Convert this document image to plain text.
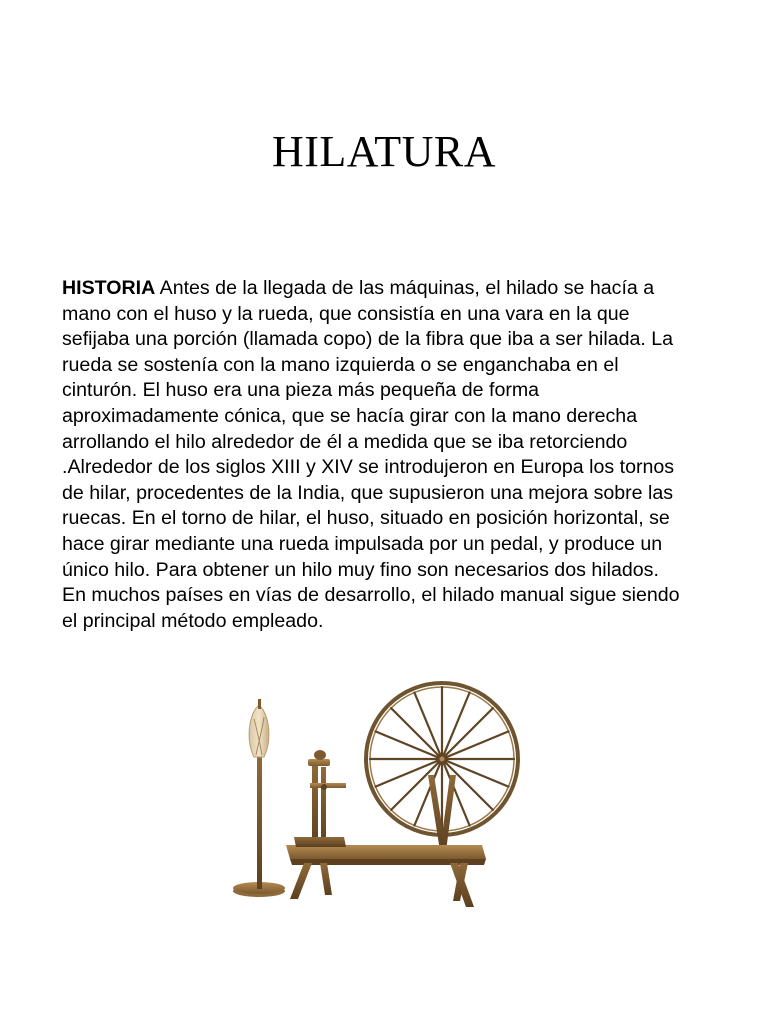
HILATURA

HISTORIA Antes de la llegada de las máquinas, el hilado se hacía a
mano con el huso y la rueda, que consistía en una vara en la que
sefijaba una porción (llamada copo) de la fibra que iba a ser hilada. La
rueda se sostenía con la mano izquierda o se enganchaba en el
cinturón. El huso era una pieza más pequeña de forma
aproximadamente cónica, que se hacía girar con la mano derecha
arrollando el hilo alrededor de él a medida que se iba retorciendo
.Alrededor de los siglos XIII y XIV se introdujeron en Europa los tornos
de hilar, procedentes de la India, que supusieron una mejora sobre las
ruecas. En el torno de hilar, el huso, situado en posición horizontal, se
hace girar mediante una rueda impulsada por un pedal, y produce un
único hilo. Para obtener un hilo muy fino son necesarios dos hilados.
En muchos países en vías de desarrollo, el hilado manual sigue siendo
el principal método empleado.
